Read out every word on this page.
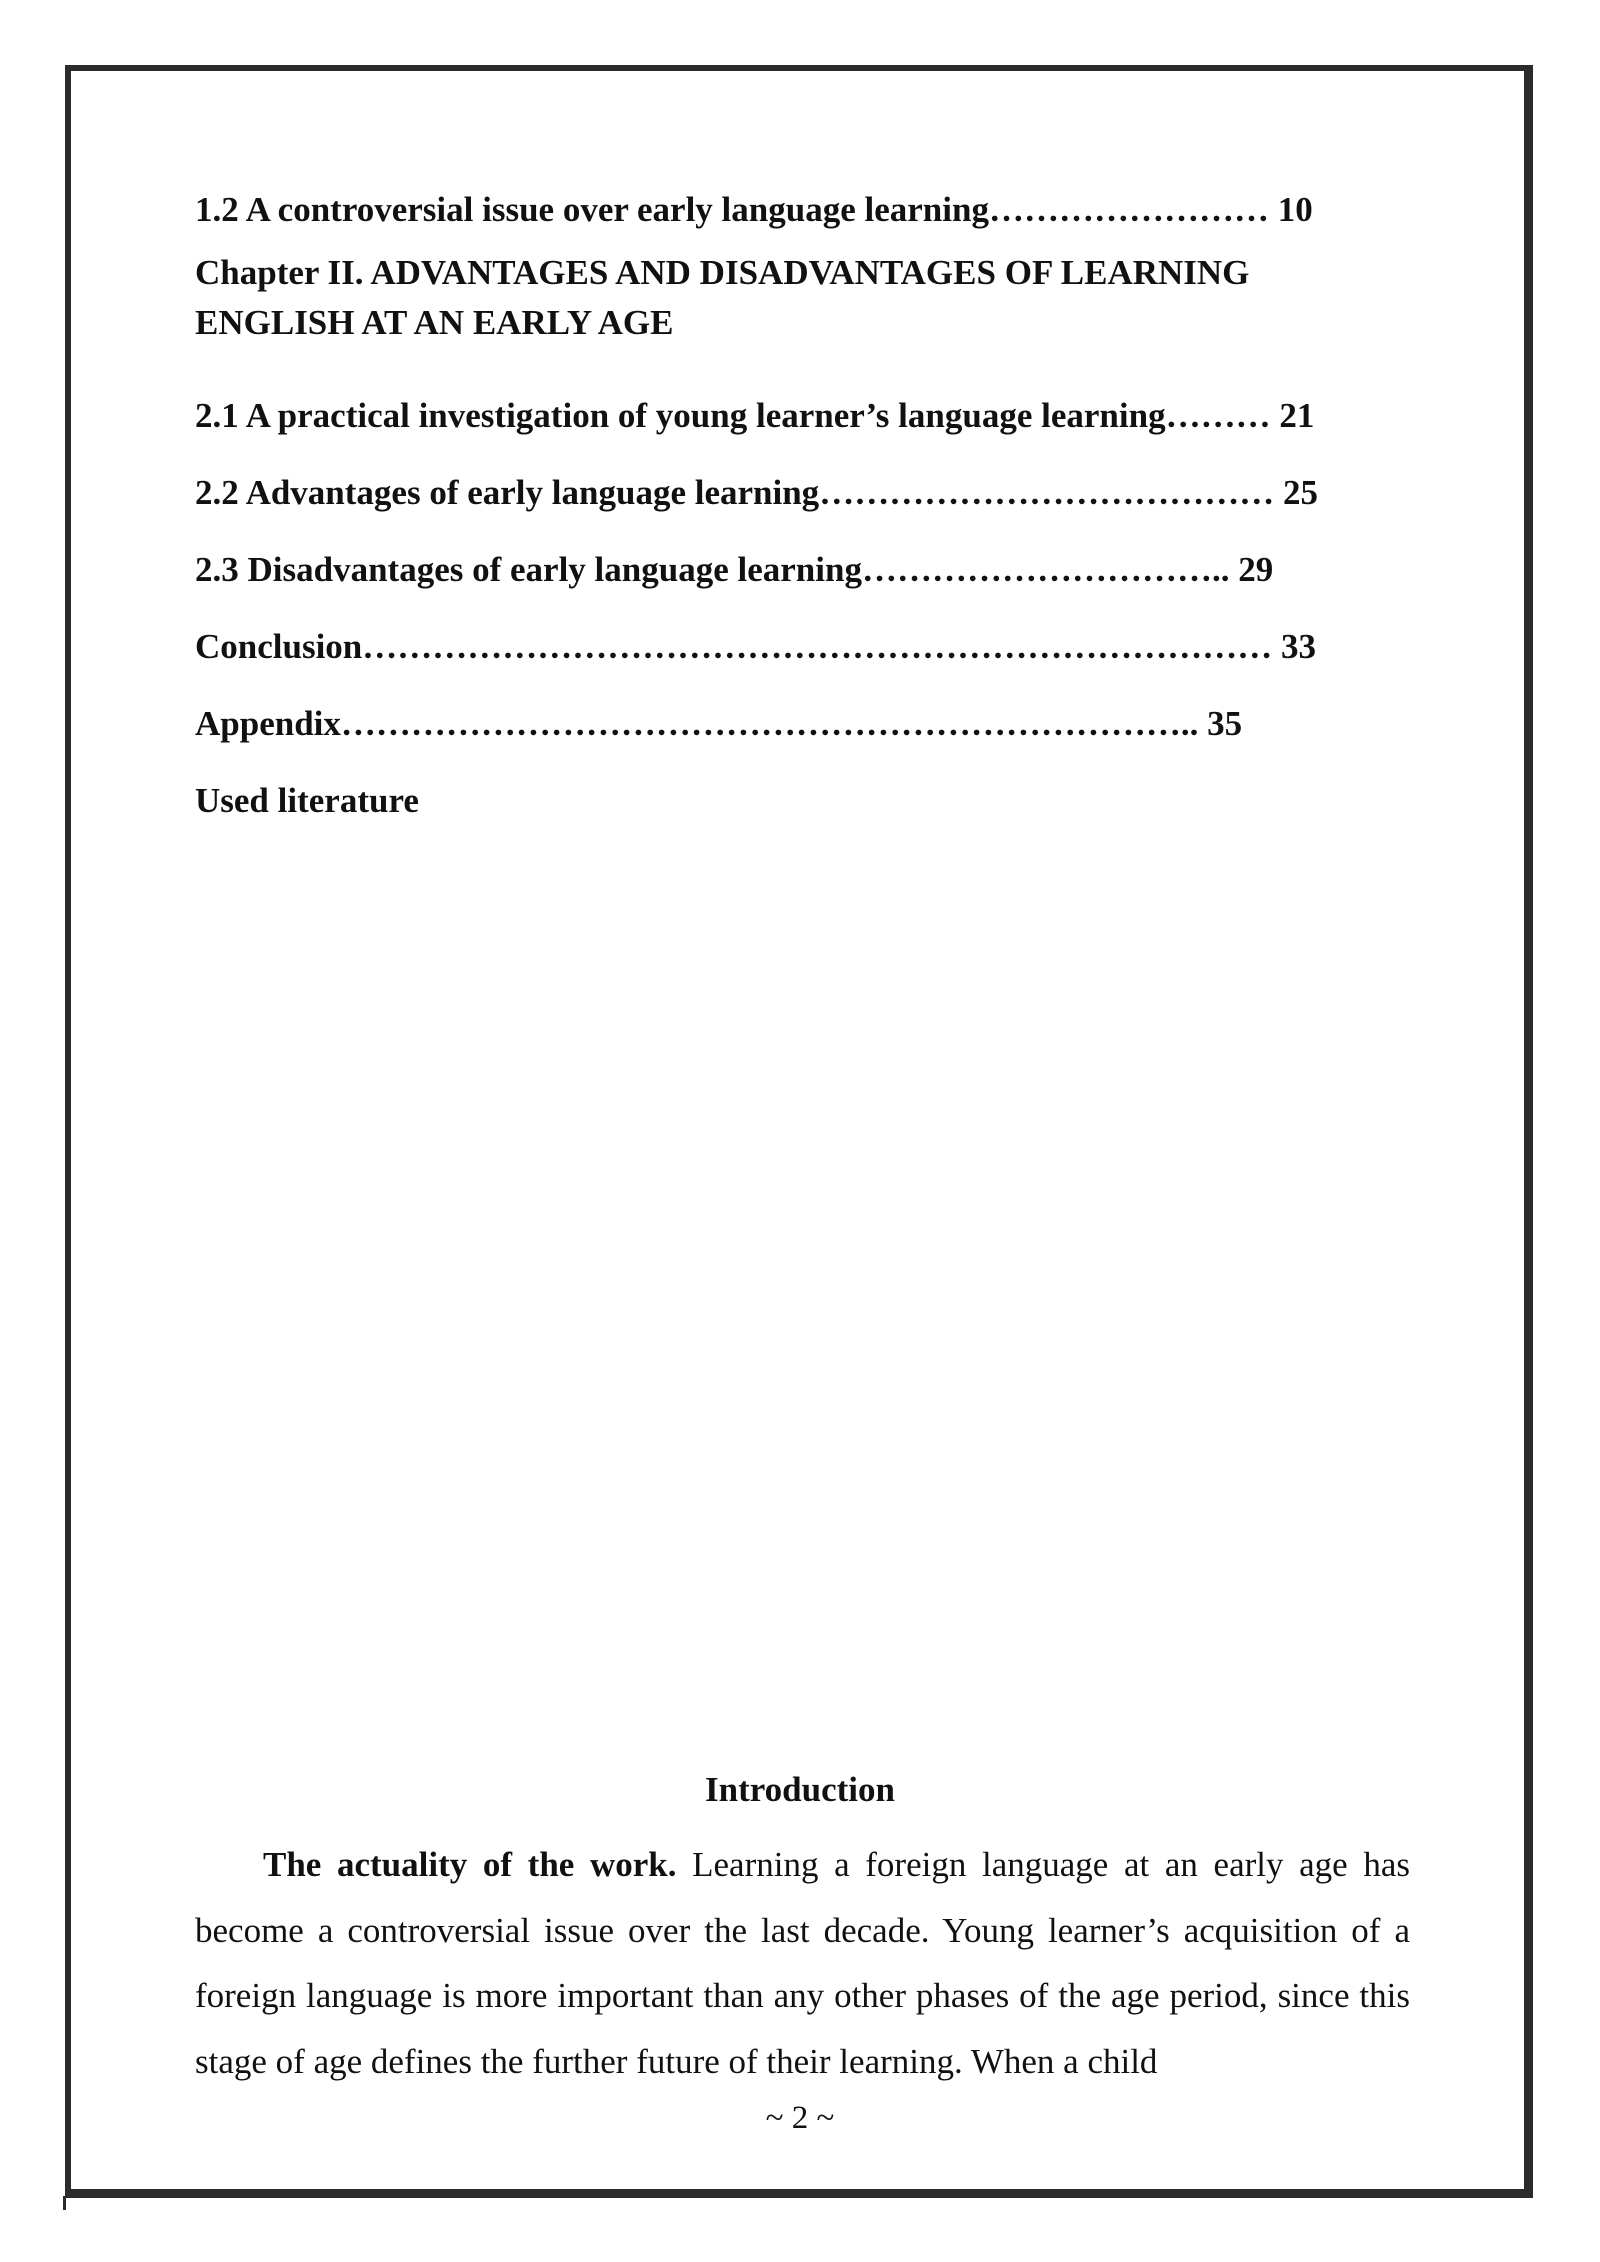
1.2 A controversial issue over early language learning…………………… 10
Chapter II. ADVANTAGES AND DISADVANTAGES OF LEARNING ENGLISH AT AN EARLY AGE
2.1 A practical investigation of young learner’s language learning……… 21
2.2 Advantages of early language learning………………………………… 25
2.3 Disadvantages of early language learning………………………….. 29
Conclusion…………………………………………………………………… 33
Appendix……………………………………………………………….. 35
Used literature
Introduction

The actuality of the work. Learning a foreign language at an early age has become a controversial issue over the last decade. Young learner’s acquisition of a foreign language is more important than any other phases of the age period, since this stage of age defines the further future of their learning. When a child

~ 2 ~
